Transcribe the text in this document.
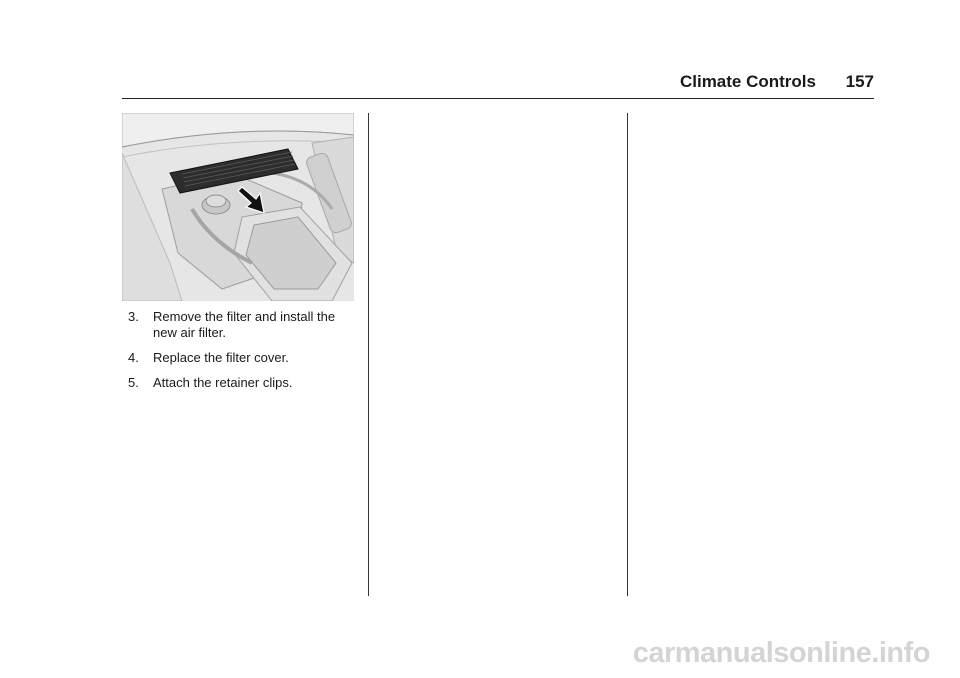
Climate Controls 157
3.	Remove the filter and install the new air filter.
4.	Replace the filter cover.
5.	Attach the retainer clips.
carmanualsonline.info
